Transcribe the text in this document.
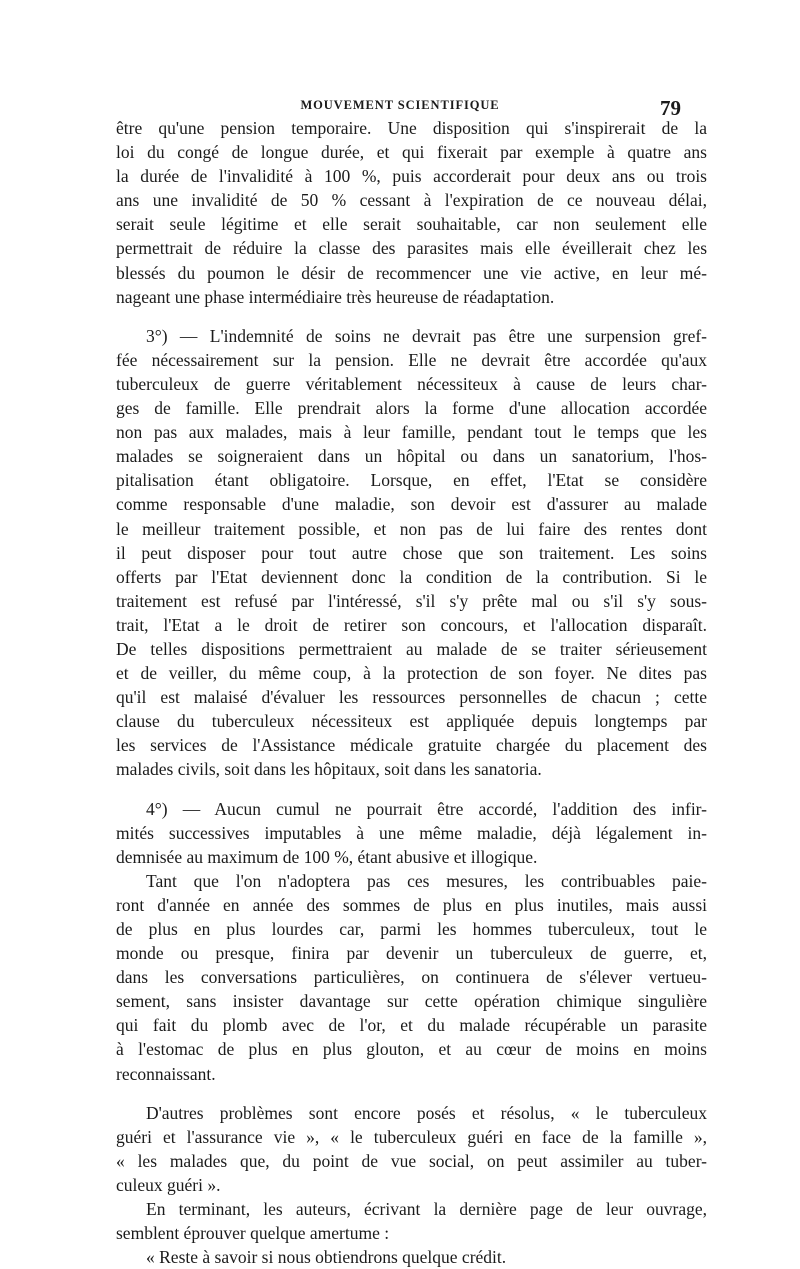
MOUVEMENT SCIENTIFIQUE	79
être qu'une pension temporaire. Une disposition qui s'inspirerait de la
loi du congé de longue durée, et qui fixerait par exemple à quatre ans
la durée de l'invalidité à 100 %, puis accorderait pour deux ans ou trois
ans une invalidité de 50 % cessant à l'expiration de ce nouveau délai,
serait seule légitime et elle serait souhaitable, car non seulement elle
permettrait de réduire la classe des parasites mais elle éveillerait chez les
blessés du poumon le désir de recommencer une vie active, en leur mé-
nageant une phase intermédiaire très heureuse de réadaptation.
3°) — L'indemnité de soins ne devrait pas être une surpension gref-
fée nécessairement sur la pension. Elle ne devrait être accordée qu'aux
tuberculeux de guerre véritablement nécessiteux à cause de leurs char-
ges de famille. Elle prendrait alors la forme d'une allocation accordée
non pas aux malades, mais à leur famille, pendant tout le temps que les
malades se soigneraient dans un hôpital ou dans un sanatorium, l'hos-
pitalisation étant obligatoire. Lorsque, en effet, l'Etat se considère
comme responsable d'une maladie, son devoir est d'assurer au malade
le meilleur traitement possible, et non pas de lui faire des rentes dont
il peut disposer pour tout autre chose que son traitement. Les soins
offerts par l'Etat deviennent donc la condition de la contribution. Si le
traitement est refusé par l'intéressé, s'il s'y prête mal ou s'il s'y sous-
trait, l'Etat a le droit de retirer son concours, et l'allocation disparaît.
De telles dispositions permettraient au malade de se traiter sérieusement
et de veiller, du même coup, à la protection de son foyer. Ne dites pas
qu'il est malaisé d'évaluer les ressources personnelles de chacun ; cette
clause du tuberculeux nécessiteux est appliquée depuis longtemps par
les services de l'Assistance médicale gratuite chargée du placement des
malades civils, soit dans les hôpitaux, soit dans les sanatoria.
4°) — Aucun cumul ne pourrait être accordé, l'addition des infir-
mités successives imputables à une même maladie, déjà légalement in-
demnisée au maximum de 100 %, étant abusive et illogique.
Tant que l'on n'adoptera pas ces mesures, les contribuables paie-
ront d'année en année des sommes de plus en plus inutiles, mais aussi
de plus en plus lourdes car, parmi les hommes tuberculeux, tout le
monde ou presque, finira par devenir un tuberculeux de guerre, et,
dans les conversations particulières, on continuera de s'élever vertueu-
sement, sans insister davantage sur cette opération chimique singulière
qui fait du plomb avec de l'or, et du malade récupérable un parasite
à l'estomac de plus en plus glouton, et au cœur de moins en moins
reconnaissant.
D'autres problèmes sont encore posés et résolus, « le tuberculeux
guéri et l'assurance vie », « le tuberculeux guéri en face de la famille »,
« les malades que, du point de vue social, on peut assimiler au tuber-
culeux guéri ».
En terminant, les auteurs, écrivant la dernière page de leur ouvrage,
semblent éprouver quelque amertume :
« Reste à savoir si nous obtiendrons quelque crédit.
